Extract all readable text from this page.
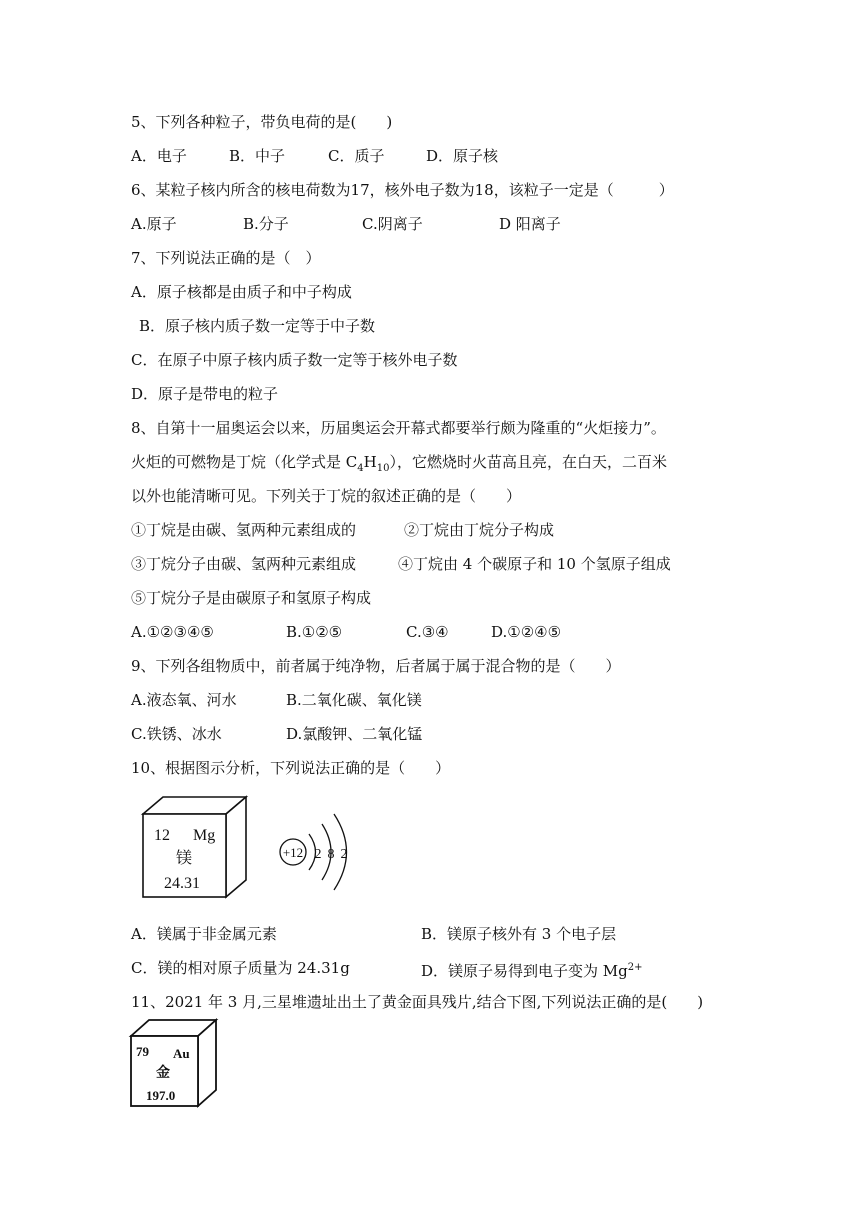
5、下列各种粒子，带负电荷的是(　　)
A．电子	B．中子	C．质子	D．原子核
6、某粒子核内所含的核电荷数为17，核外电子数为18，该粒子一定是（　　　）
A.原子	B.分子	C.阴离子	D 阳离子
7、下列说法正确的是（　）
A．原子核都是由质子和中子构成
B．原子核内质子数一定等于中子数
C．在原子中原子核内质子数一定等于核外电子数
D．原子是带电的粒子
8、自第十一届奥运会以来，历届奥运会开幕式都要举行颇为隆重的“火炬接力”。
火炬的可燃物是丁烷（化学式是 $C_4H_{10}$），它燃烧时火苗高且亮，在白天，二百米
以外也能清晰可见。下列关于丁烷的叙述正确的是（　　）
①丁烷是由碳、氢两种元素组成的	②丁烷由丁烷分子构成
③丁烷分子由碳、氢两种元素组成	④丁烷由 4 个碳原子和 10 个氢原子组成
⑤丁烷分子是由碳原子和氢原子构成
A.①②③④⑤	B.①②⑤	C.③④	D.①②④⑤
9、下列各组物质中，前者属于纯净物，后者属于属于混合物的是（　　）
A.液态氧、河水	B.二氧化碳、氧化镁
C.铁锈、冰水	D.氯酸钾、二氧化锰
10、根据图示分析，下列说法正确的是（　　）
12 Mg
镁
24.31
+12 2 8 2
A．镁属于非金属元素	B．镁原子核外有 3 个电子层
C．镁的相对原子质量为 24.31g	D．镁原子易得到电子变为 $Mg^{2+}$
11、2021 年 3 月,三星堆遗址出土了黄金面具残片,结合下图,下列说法正确的是(　　)
79 Au
金
197.0
